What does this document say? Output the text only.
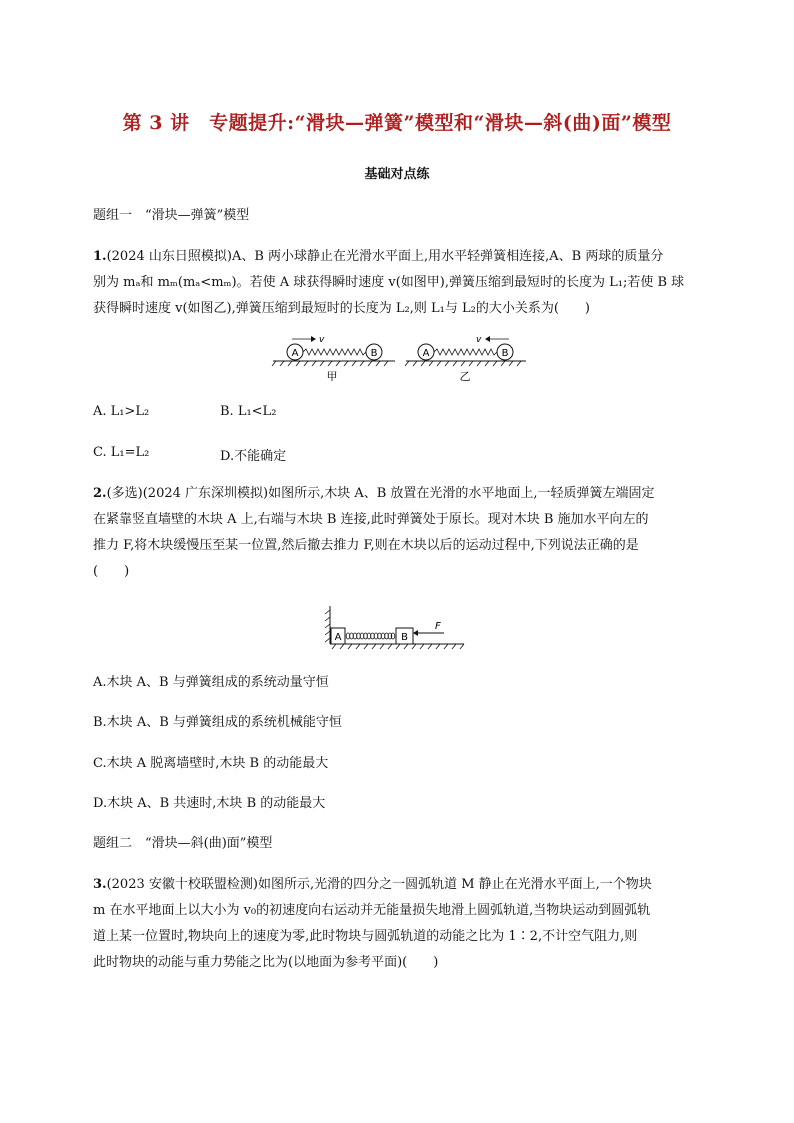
第 3 讲　专题提升:“滑块—弹簧”模型和“滑块—斜(曲)面”模型
基础对点练
题组一　“滑块—弹簧”模型
1.(2024 山东日照模拟)A、B 两小球静止在光滑水平面上,用水平轻弹簧相连接,A、B 两球的质量分
别为 mₐ和 mₘ(mₐ<mₘ)。若使 A 球获得瞬时速度 v(如图甲),弹簧压缩到最短时的长度为 L₁;若使 B 球
获得瞬时速度 v(如图乙),弹簧压缩到最短时的长度为 L₂,则 L₁与 L₂的大小关系为(　　)
A	B
v
甲
A	B
v
乙
A. L₁>L₂	B. L₁<L₂
C. L₁=L₂	D.不能确定
2.(多选)(2024 广东深圳模拟)如图所示,木块 A、B 放置在光滑的水平地面上,一轻质弹簧左端固定
在紧靠竖直墙壁的木块 A 上,右端与木块 B 连接,此时弹簧处于原长。现对木块 B 施加水平向左的
推力 F,将木块缓慢压至某一位置,然后撤去推力 F,则在木块以后的运动过程中,下列说法正确的是
(　　)
A	B
F
A.木块 A、B 与弹簧组成的系统动量守恒
B.木块 A、B 与弹簧组成的系统机械能守恒
C.木块 A 脱离墙壁时,木块 B 的动能最大
D.木块 A、B 共速时,木块 B 的动能最大
题组二　“滑块—斜(曲)面”模型
3.(2023 安徽十校联盟检测)如图所示,光滑的四分之一圆弧轨道 M 静止在光滑水平面上,一个物块
m 在水平地面上以大小为 v₀的初速度向右运动并无能量损失地滑上圆弧轨道,当物块运动到圆弧轨
道上某一位置时,物块向上的速度为零,此时物块与圆弧轨道的动能之比为 1∶2,不计空气阻力,则
此时物块的动能与重力势能之比为(以地面为参考平面)(　　)
